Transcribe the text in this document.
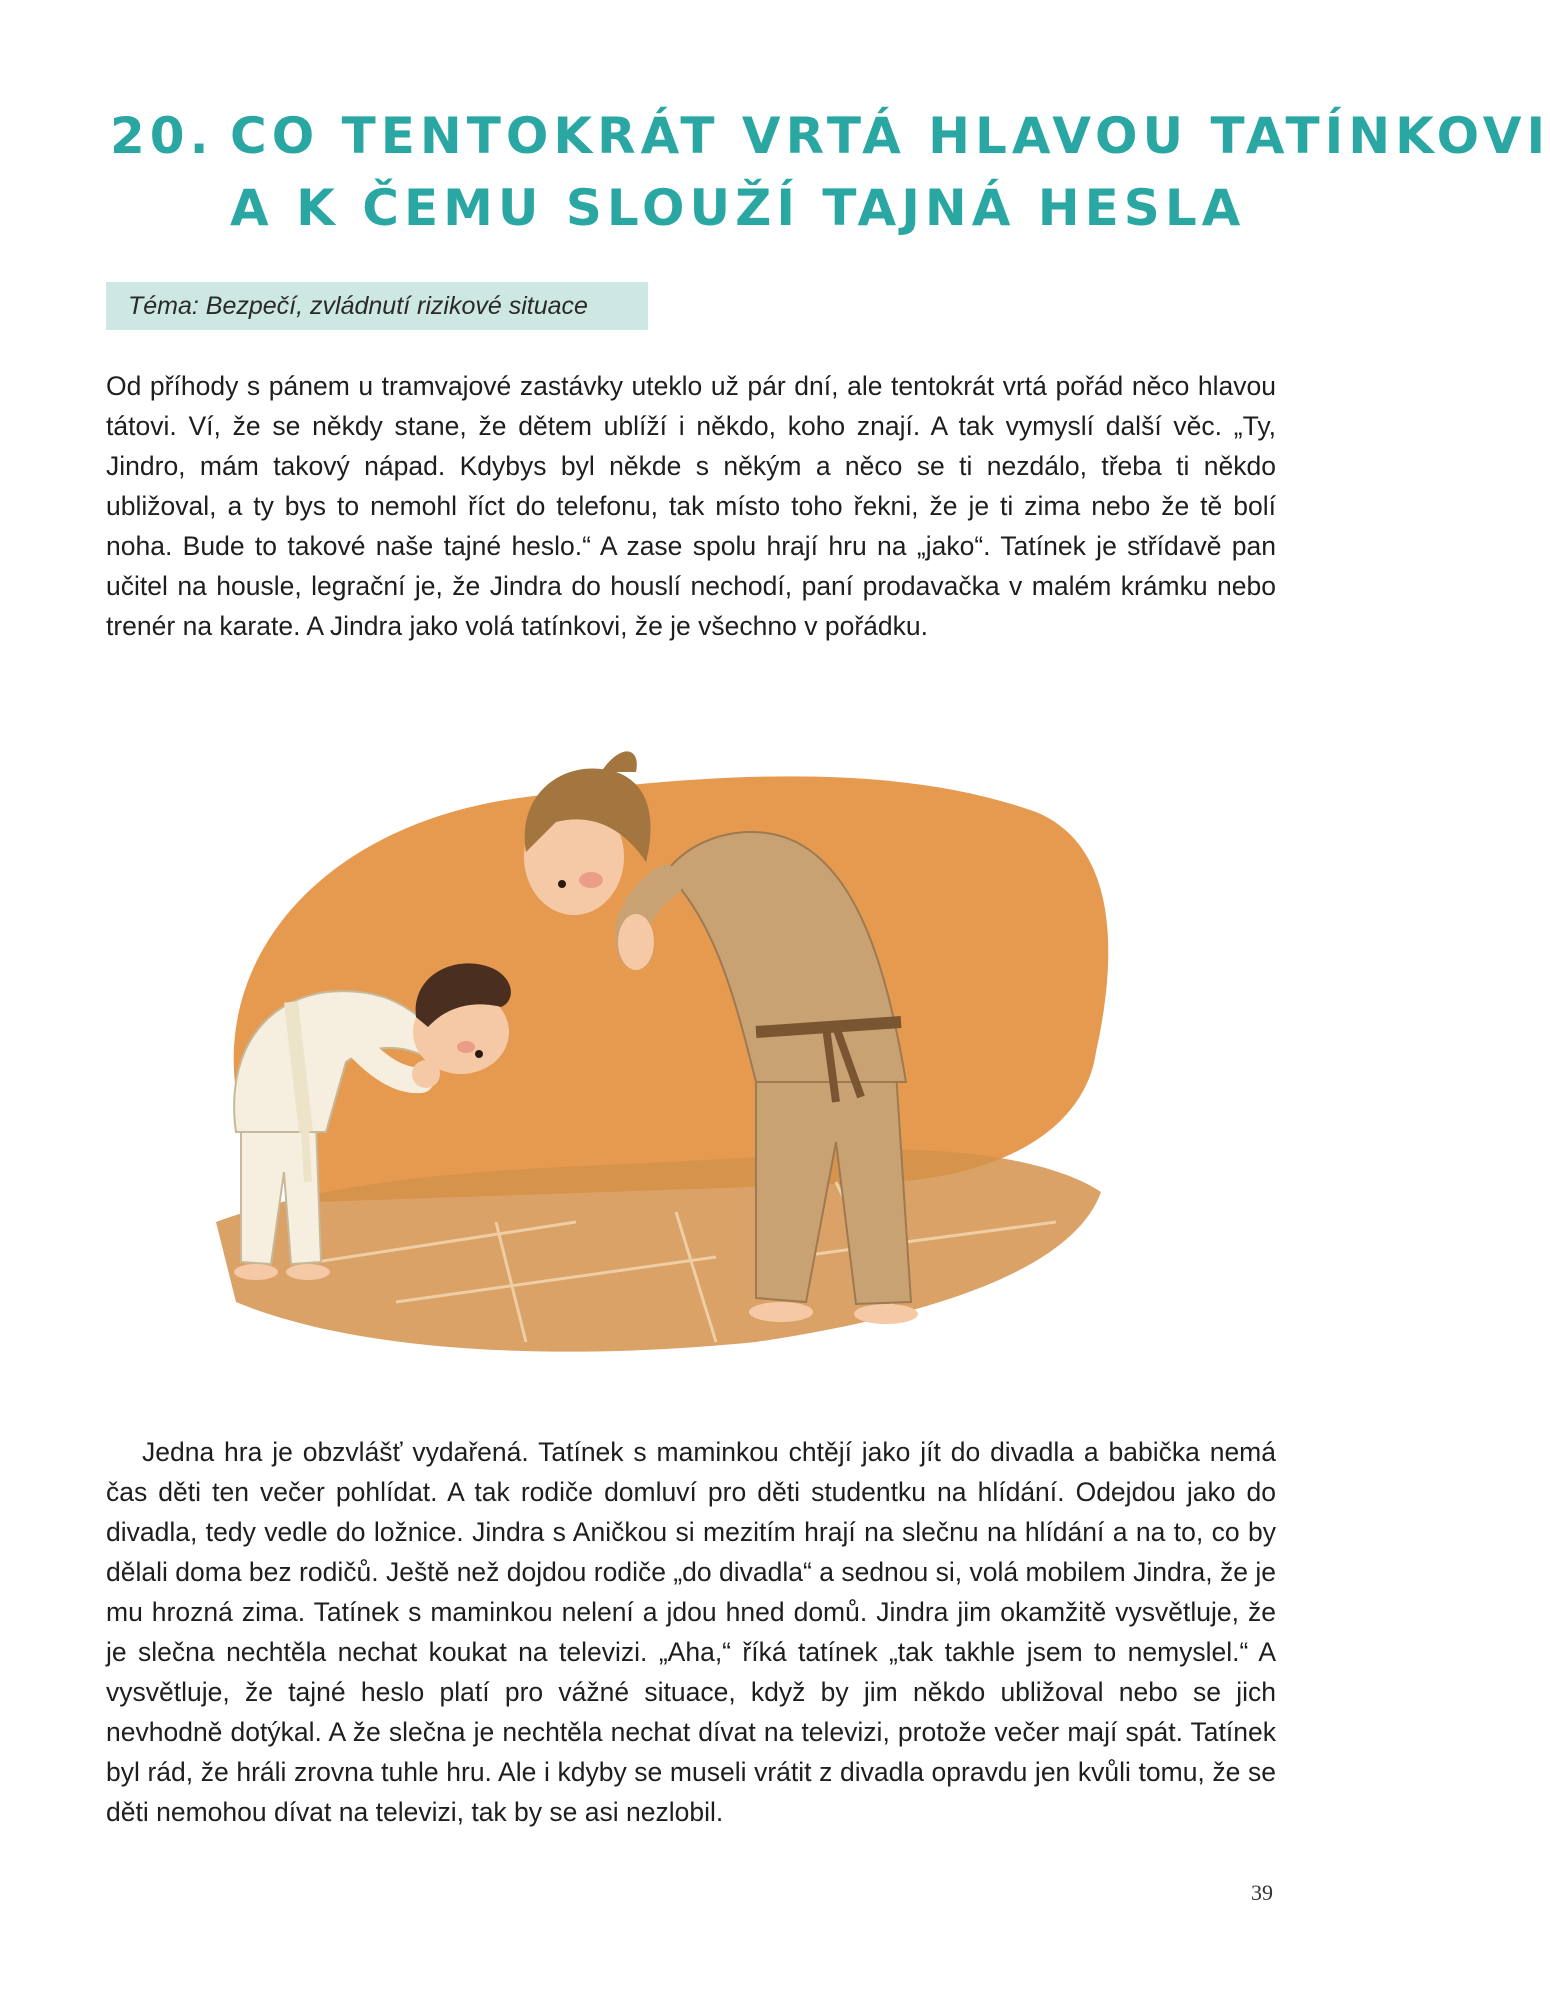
20. CO TENTOKRÁT VRTÁ HLAVOU TATÍNKOVI
A K ČEMU SLOUŽÍ TAJNÁ HESLA
Téma: Bezpečí, zvládnutí rizikové situace

Od příhody s pánem u tramvajové zastávky uteklo už pár dní, ale tentokrát vrtá pořád něco hlavou tátovi. Ví, že se někdy stane, že dětem ublíží i někdo, koho znají. A tak vymyslí další věc. „Ty, Jindro, mám takový nápad. Kdybys byl někde s někým a něco se ti nezdálo, třeba ti někdo ubližoval, a ty bys to nemohl říct do telefonu, tak místo toho řekni, že je ti zima nebo že tě bolí noha. Bude to takové naše tajné heslo.“ A zase spolu hrají hru na „jako“. Tatínek je střídavě pan učitel na housle, legrační je, že Jindra do houslí nechodí, paní prodavačka v malém krámku nebo trenér na karate. A Jindra jako volá tatínkovi, že je všechno v pořádku.

Jedna hra je obzvlášť vydařená. Tatínek s maminkou chtějí jako jít do divadla a babička nemá čas děti ten večer pohlídat. A tak rodiče domluví pro děti studentku na hlídání. Odejdou jako do divadla, tedy vedle do ložnice. Jindra s Aničkou si mezitím hrají na slečnu na hlídání a na to, co by dělali doma bez rodičů. Ještě než dojdou rodiče „do divadla“ a sednou si, volá mobilem Jindra, že je mu hrozná zima. Tatínek s maminkou nelení a jdou hned domů. Jindra jim okamžitě vysvětluje, že je slečna nechtěla nechat koukat na televizi. „Aha,“ říká tatínek „tak takhle jsem to nemyslel.“ A vysvětluje, že tajné heslo platí pro vážné situace, když by jim někdo ubližoval nebo se jich nevhodně dotýkal. A že slečna je nechtěla nechat dívat na televizi, protože večer mají spát. Tatínek byl rád, že hráli zrovna tuhle hru. Ale i kdyby se museli vrátit z divadla opravdu jen kvůli tomu, že se děti nemohou dívat na televizi, tak by se asi nezlobil.

39
